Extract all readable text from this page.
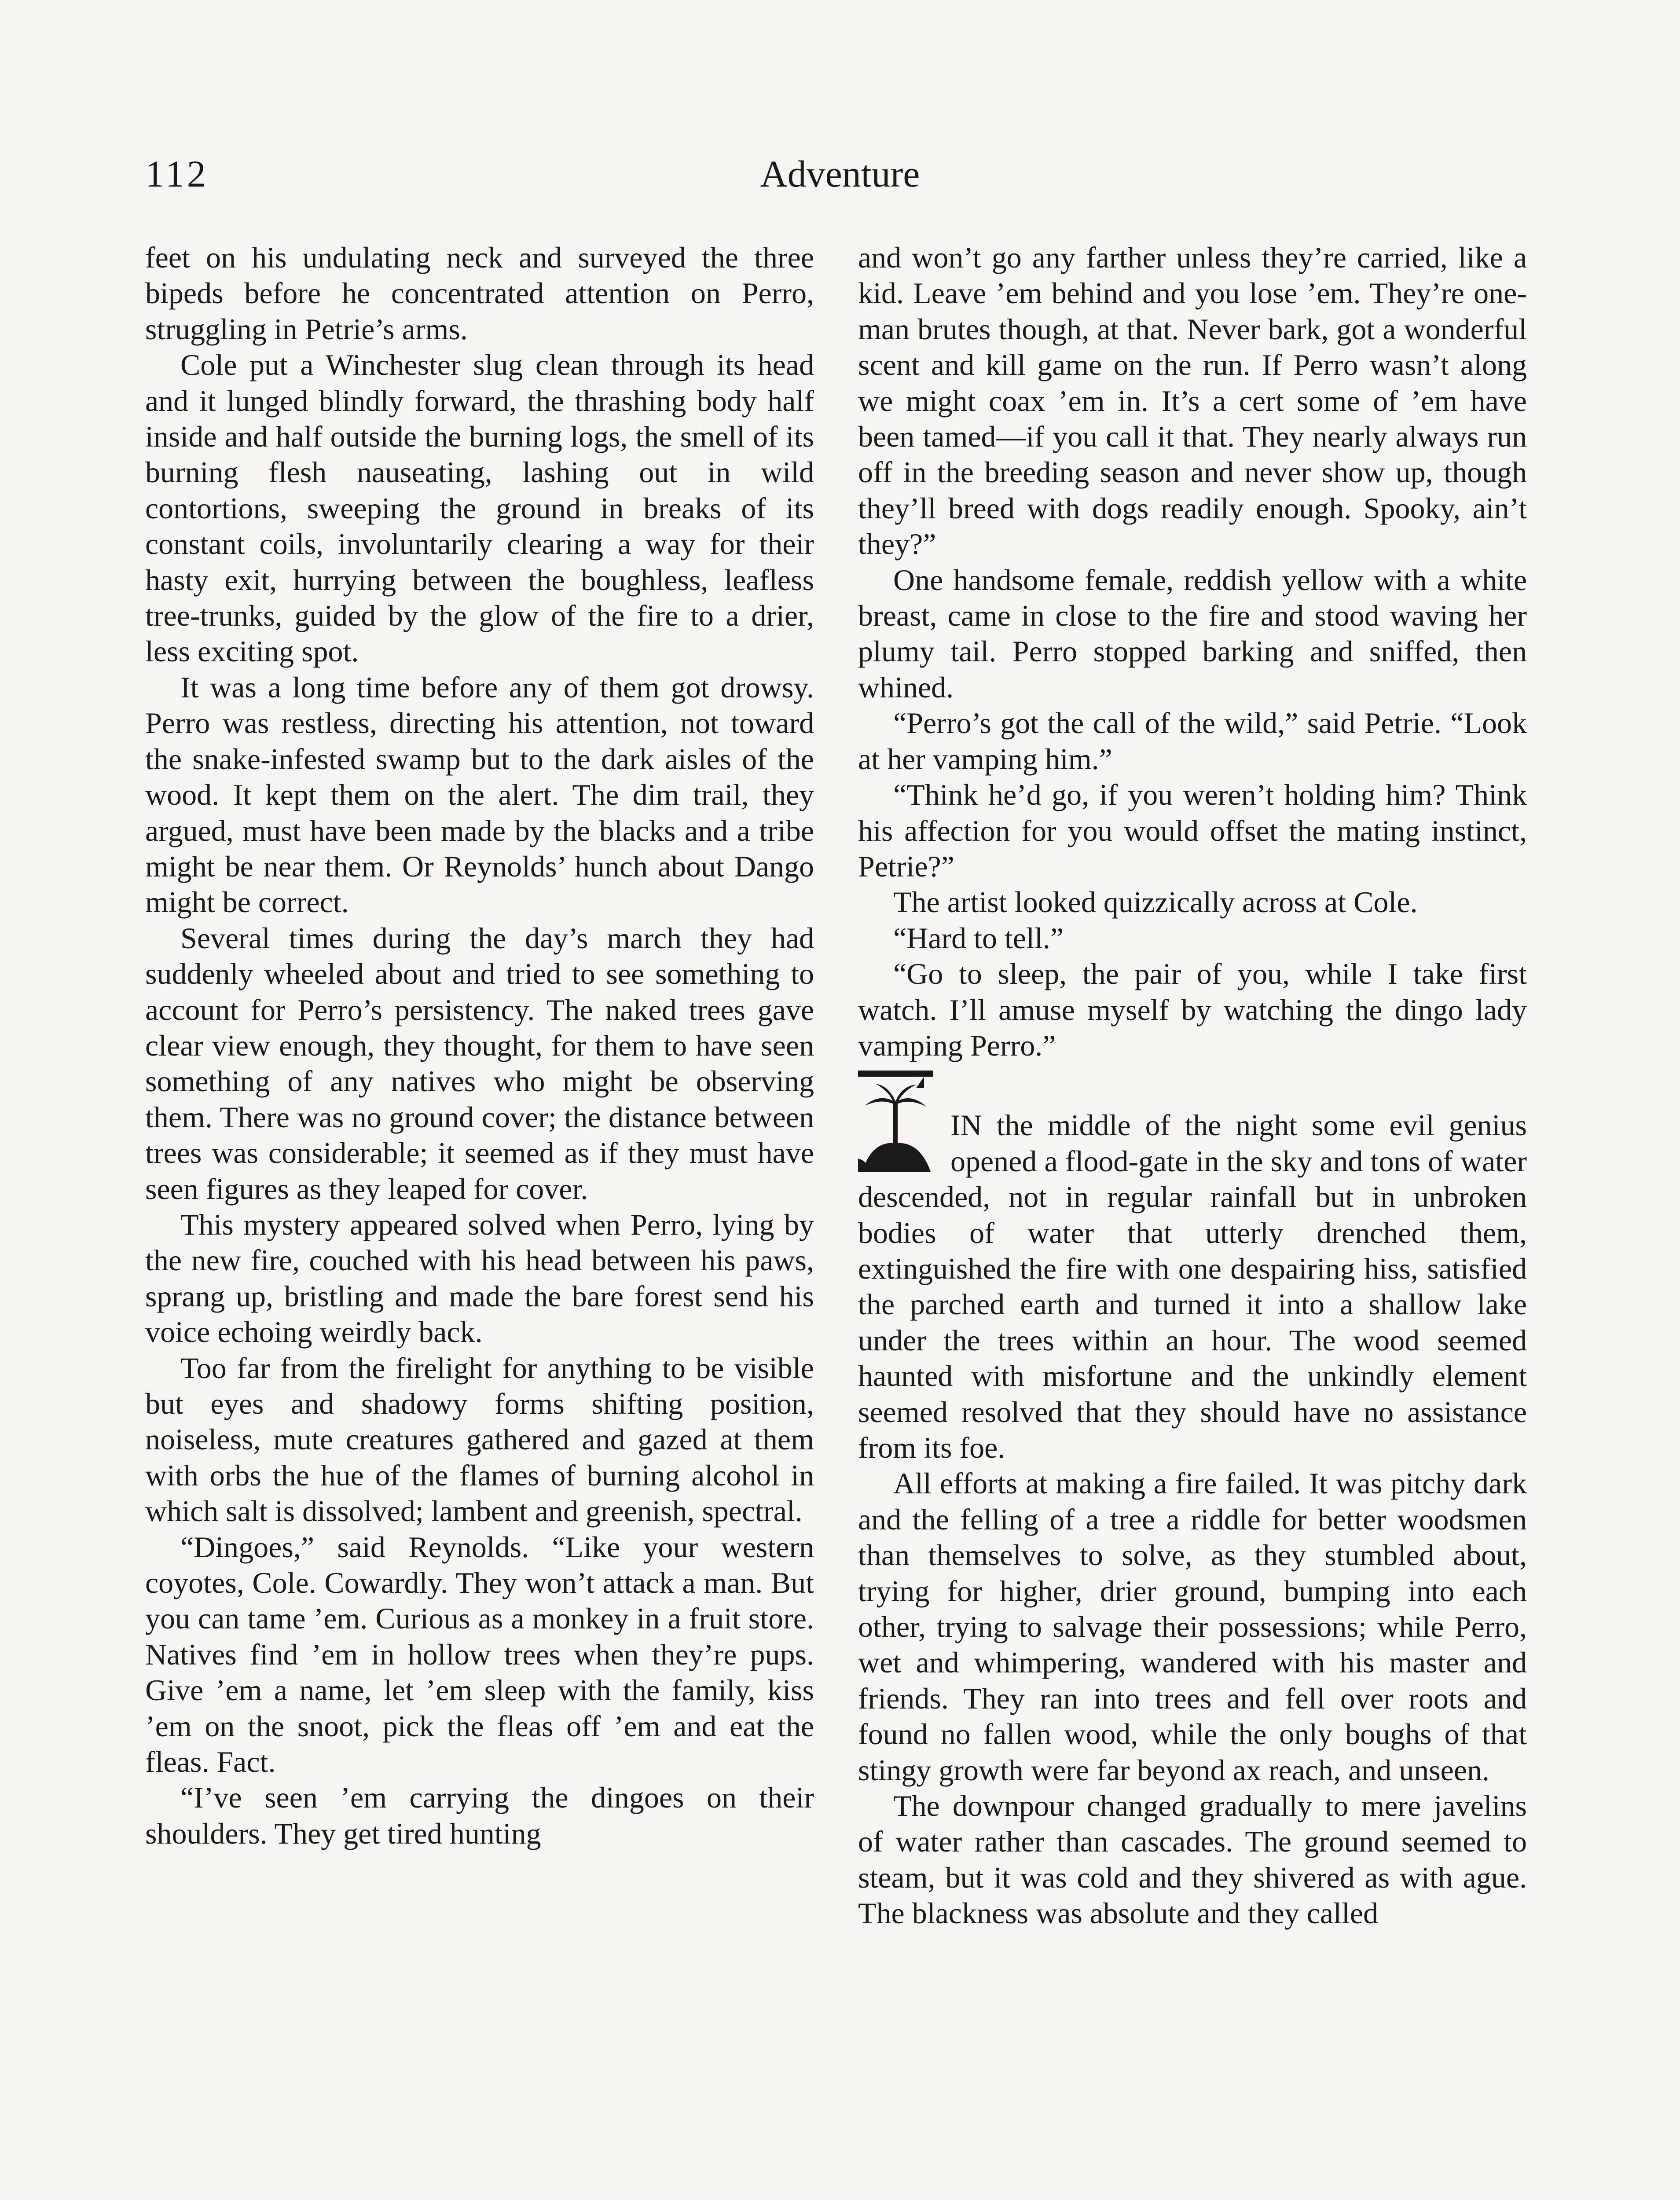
112	Adventure

feet on his undulating neck and surveyed the three bipeds before he concentrated attention on Perro, struggling in Petrie’s arms.

Cole put a Winchester slug clean through its head and it lunged blindly forward, the thrashing body half inside and half outside the burning logs, the smell of its burning flesh nauseating, lashing out in wild contortions, sweeping the ground in breaks of its constant coils, involuntarily clearing a way for their hasty exit, hurrying between the boughless, leafless tree-trunks, guided by the glow of the fire to a drier, less exciting spot.

It was a long time before any of them got drowsy. Perro was restless, directing his attention, not toward the snake-infested swamp but to the dark aisles of the wood. It kept them on the alert. The dim trail, they argued, must have been made by the blacks and a tribe might be near them. Or Reynolds’ hunch about Dango might be correct.

Several times during the day’s march they had suddenly wheeled about and tried to see something to account for Perro’s persistency. The naked trees gave clear view enough, they thought, for them to have seen something of any natives who might be observing them. There was no ground cover; the distance between trees was considerable; it seemed as if they must have seen figures as they leaped for cover.

This mystery appeared solved when Perro, lying by the new fire, couched with his head between his paws, sprang up, bristling and made the bare forest send his voice echoing weirdly back.

Too far from the firelight for anything to be visible but eyes and shadowy forms shifting position, noiseless, mute creatures gathered and gazed at them with orbs the hue of the flames of burning alcohol in which salt is dissolved; lambent and greenish, spectral.

“Dingoes,” said Reynolds. “Like your western coyotes, Cole. Cowardly. They won’t attack a man. But you can tame ’em. Curious as a monkey in a fruit store. Natives find ’em in hollow trees when they’re pups. Give ’em a name, let ’em sleep with the family, kiss ’em on the snoot, pick the fleas off ’em and eat the fleas. Fact.

“I’ve seen ’em carrying the dingoes on their shoulders. They get tired hunting

and won’t go any farther unless they’re carried, like a kid. Leave ’em behind and you lose ’em. They’re one-man brutes though, at that. Never bark, got a wonderful scent and kill game on the run. If Perro wasn’t along we might coax ’em in. It’s a cert some of ’em have been tamed—if you call it that. They nearly always run off in the breeding season and never show up, though they’ll breed with dogs readily enough. Spooky, ain’t they?”

One handsome female, reddish yellow with a white breast, came in close to the fire and stood waving her plumy tail. Perro stopped barking and sniffed, then whined.

“Perro’s got the call of the wild,” said Petrie. “Look at her vamping him.”

“Think he’d go, if you weren’t holding him? Think his affection for you would offset the mating instinct, Petrie?”

The artist looked quizzically across at Cole.

“Hard to tell.”

“Go to sleep, the pair of you, while I take first watch. I’ll amuse myself by watching the dingo lady vamping Perro.”

IN the middle of the night some evil genius opened a flood-gate in the sky and tons of water descended, not in regular rainfall but in unbroken bodies of water that utterly drenched them, extinguished the fire with one despairing hiss, satisfied the parched earth and turned it into a shallow lake under the trees within an hour. The wood seemed haunted with misfortune and the unkindly element seemed resolved that they should have no assistance from its foe.

All efforts at making a fire failed. It was pitchy dark and the felling of a tree a riddle for better woodsmen than themselves to solve, as they stumbled about, trying for higher, drier ground, bumping into each other, trying to salvage their possessions; while Perro, wet and whimpering, wandered with his master and friends. They ran into trees and fell over roots and found no fallen wood, while the only boughs of that stingy growth were far beyond ax reach, and unseen.

The downpour changed gradually to mere javelins of water rather than cascades. The ground seemed to steam, but it was cold and they shivered as with ague. The blackness was absolute and they called
